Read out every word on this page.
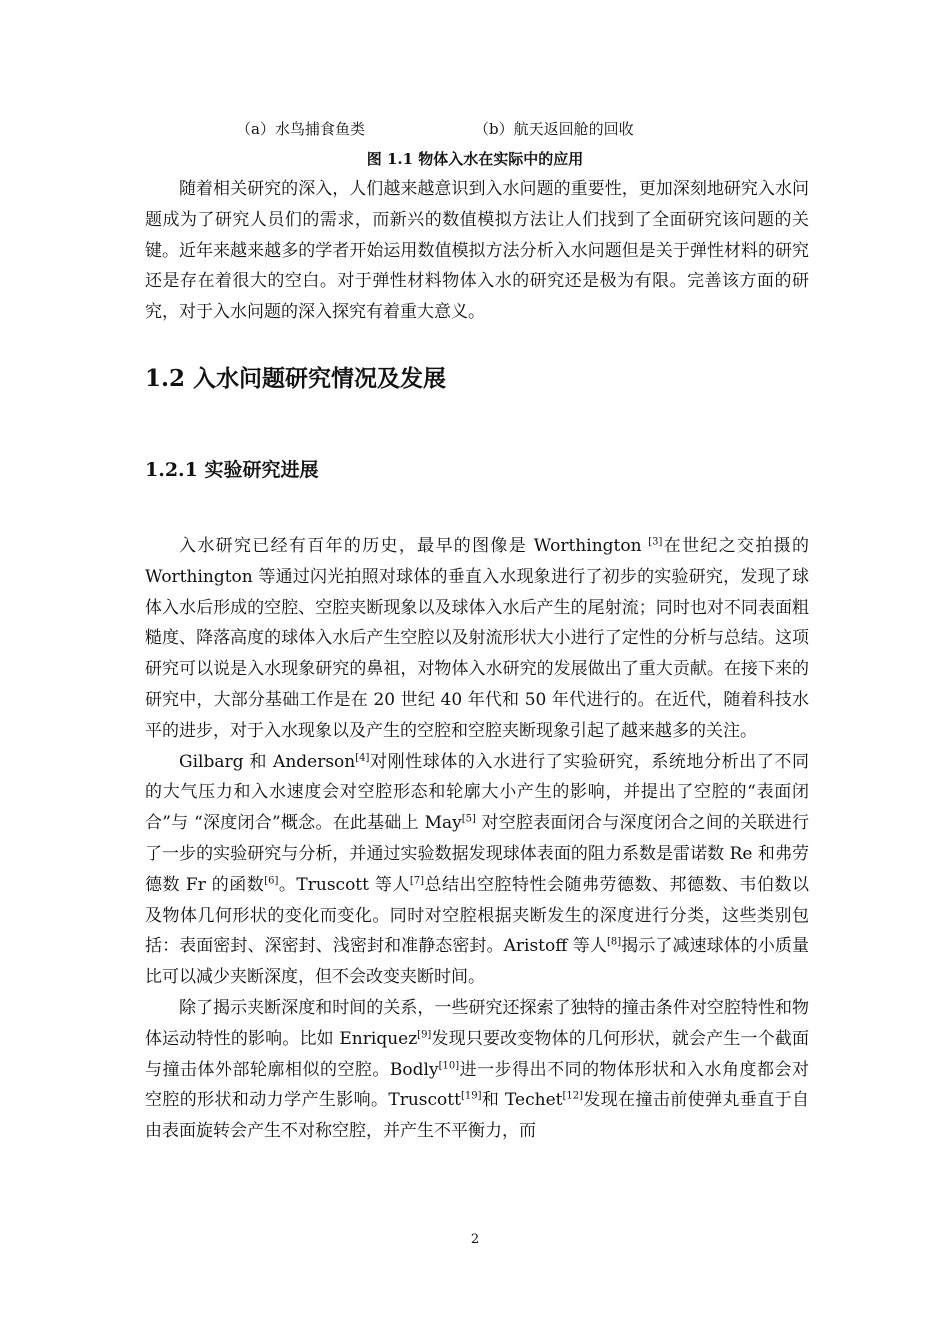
（a）水鸟捕食鱼类	（b）航天返回舱的回收
图 1.1 物体入水在实际中的应用

随着相关研究的深入，人们越来越意识到入水问题的重要性，更加深刻地研究入水问题成为了研究人员们的需求，而新兴的数值模拟方法让人们找到了全面研究该问题的关键。近年来越来越多的学者开始运用数值模拟方法分析入水问题但是关于弹性材料的研究还是存在着很大的空白。对于弹性材料物体入水的研究还是极为有限。完善该方面的研究，对于入水问题的深入探究有着重大意义。

1.2 入水问题研究情况及发展
1.2.1 实验研究进展

入水研究已经有百年的历史，最早的图像是 Worthington [3]在世纪之交拍摄的 Worthington 等通过闪光拍照对球体的垂直入水现象进行了初步的实验研究，发现了球体入水后形成的空腔、空腔夹断现象以及球体入水后产生的尾射流；同时也对不同表面粗糙度、降落高度的球体入水后产生空腔以及射流形状大小进行了定性的分析与总结。这项研究可以说是入水现象研究的鼻祖，对物体入水研究的发展做出了重大贡献。在接下来的研究中，大部分基础工作是在 20 世纪 40 年代和 50 年代进行的。在近代，随着科技水平的进步，对于入水现象以及产生的空腔和空腔夹断现象引起了越来越多的关注。

Gilbarg 和 Anderson[4]对刚性球体的入水进行了实验研究，系统地分析出了不同的大气压力和入水速度会对空腔形态和轮廓大小产生的影响，并提出了空腔的“表面闭合”与 “深度闭合”概念。在此基础上 May[5] 对空腔表面闭合与深度闭合之间的关联进行了一步的实验研究与分析，并通过实验数据发现球体表面的阻力系数是雷诺数 Re 和弗劳德数 Fr 的函数[6]。Truscott 等人[7]总结出空腔特性会随弗劳德数、邦德数、韦伯数以及物体几何形状的变化而变化。同时对空腔根据夹断发生的深度进行分类，这些类别包括：表面密封、深密封、浅密封和准静态密封。Aristoff 等人[8]揭示了减速球体的小质量比可以减少夹断深度，但不会改变夹断时间。

除了揭示夹断深度和时间的关系，一些研究还探索了独特的撞击条件对空腔特性和物体运动特性的影响。比如 Enriquez[9]发现只要改变物体的几何形状，就会产生一个截面与撞击体外部轮廓相似的空腔。Bodly[10]进一步得出不同的物体形状和入水角度都会对空腔的形状和动力学产生影响。Truscott[19]和 Techet[12]发现在撞击前使弹丸垂直于自由表面旋转会产生不对称空腔，并产生不平衡力，而

2
